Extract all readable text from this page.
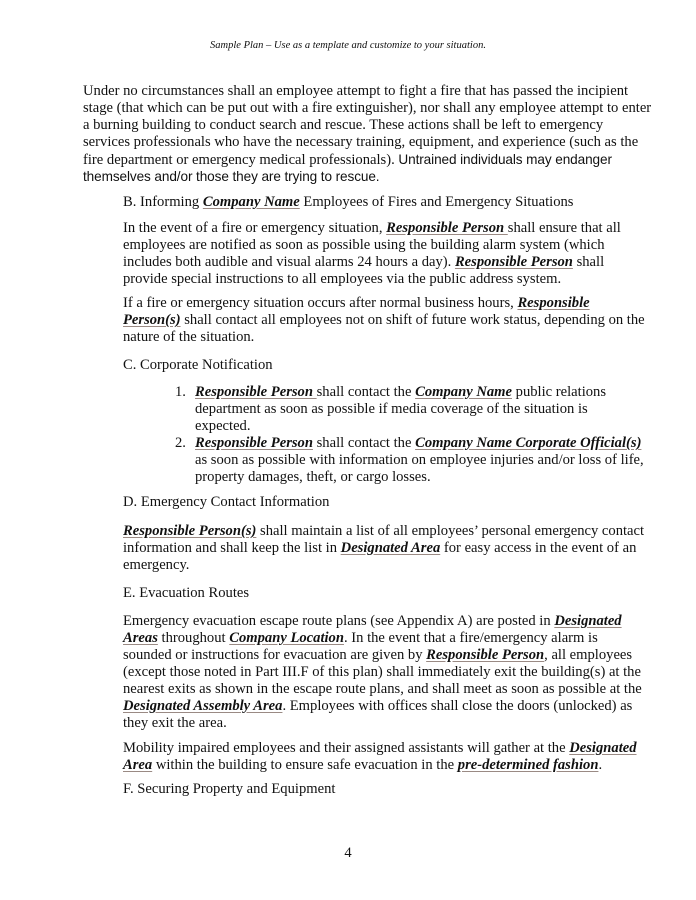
Sample Plan – Use as a template and customize to your situation.
Under no circumstances shall an employee attempt to fight a fire that has passed the incipient
stage (that which can be put out with a fire extinguisher), nor shall any employee attempt to enter
a burning building to conduct search and rescue. These actions shall be left to emergency
services professionals who have the necessary training, equipment, and experience (such as the
fire department or emergency medical professionals). Untrained individuals may endanger
themselves and/or those they are trying to rescue.
B. Informing Company Name Employees of Fires and Emergency Situations
In the event of a fire or emergency situation, Responsible Person shall ensure that all
employees are notified as soon as possible using the building alarm system (which
includes both audible and visual alarms 24 hours a day). Responsible Person shall
provide special instructions to all employees via the public address system.
If a fire or emergency situation occurs after normal business hours, Responsible
Person(s) shall contact all employees not on shift of future work status, depending on the
nature of the situation.
C. Corporate Notification
1. Responsible Person shall contact the Company Name public relations
department as soon as possible if media coverage of the situation is
expected.
2. Responsible Person shall contact the Company Name Corporate Official(s)
as soon as possible with information on employee injuries and/or loss of life,
property damages, theft, or cargo losses.
D. Emergency Contact Information
Responsible Person(s) shall maintain a list of all employees’ personal emergency contact
information and shall keep the list in Designated Area for easy access in the event of an
emergency.
E. Evacuation Routes
Emergency evacuation escape route plans (see Appendix A) are posted in Designated
Areas throughout Company Location. In the event that a fire/emergency alarm is
sounded or instructions for evacuation are given by Responsible Person, all employees
(except those noted in Part III.F of this plan) shall immediately exit the building(s) at the
nearest exits as shown in the escape route plans, and shall meet as soon as possible at the
Designated Assembly Area. Employees with offices shall close the doors (unlocked) as
they exit the area.
Mobility impaired employees and their assigned assistants will gather at the Designated
Area within the building to ensure safe evacuation in the pre-determined fashion.
F. Securing Property and Equipment
4
